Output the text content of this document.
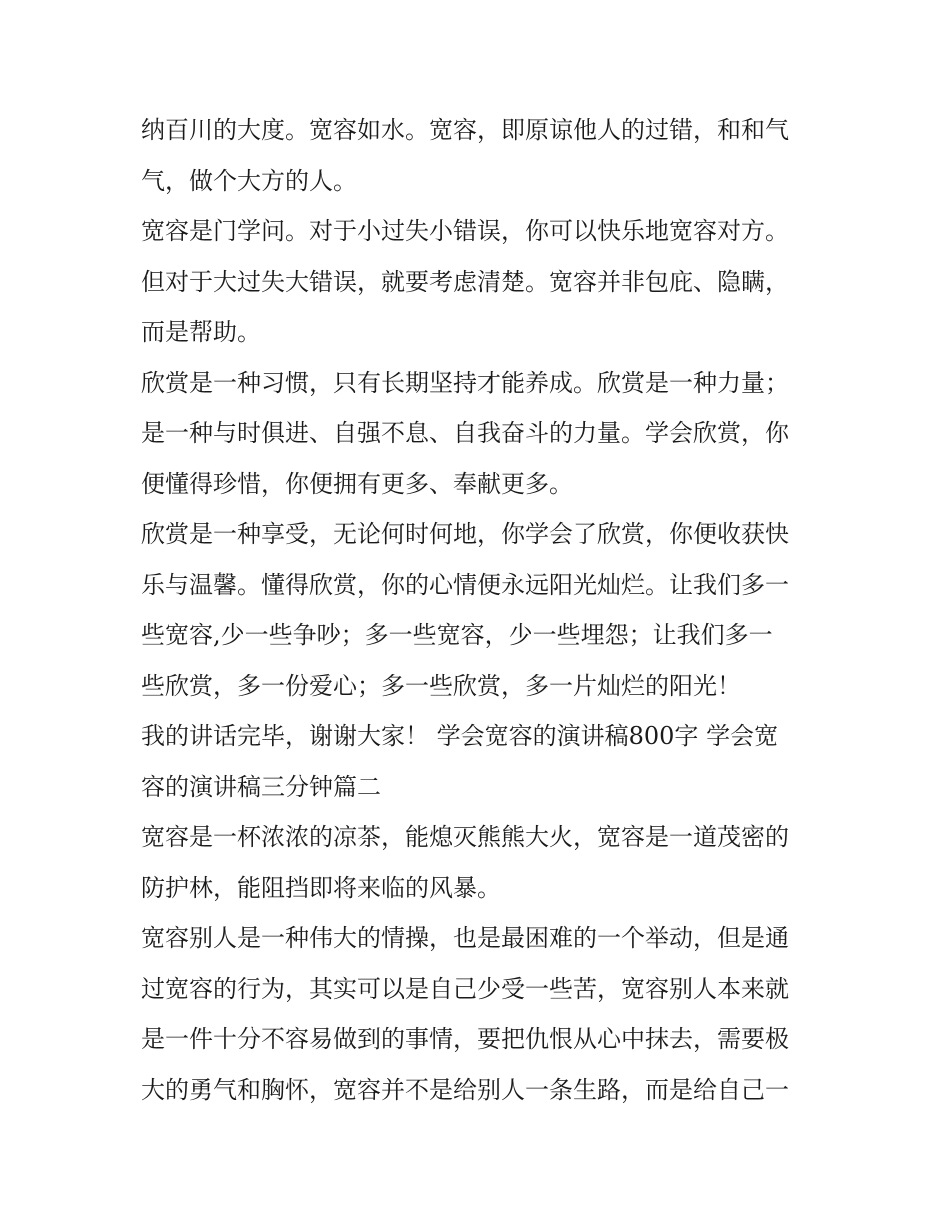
纳百川的大度。宽容如水。宽容，即原谅他人的过错，和和气
气，做个大方的人。
宽容是门学问。对于小过失小错误，你可以快乐地宽容对方。
但对于大过失大错误，就要考虑清楚。宽容并非包庇、隐瞒，
而是帮助。
欣赏是一种习惯，只有长期坚持才能养成。欣赏是一种力量；
是一种与时俱进、自强不息、自我奋斗的力量。学会欣赏，你
便懂得珍惜，你便拥有更多、奉献更多。
欣赏是一种享受，无论何时何地，你学会了欣赏，你便收获快
乐与温馨。懂得欣赏，你的心情便永远阳光灿烂。让我们多一
些宽容,少一些争吵；多一些宽容，少一些埋怨；让我们多一
些欣赏，多一份爱心；多一些欣赏，多一片灿烂的阳光！
我的讲话完毕，谢谢大家！ 学会宽容的演讲稿800字 学会宽
容的演讲稿三分钟篇二
宽容是一杯浓浓的凉茶，能熄灭熊熊大火，宽容是一道茂密的
防护林，能阻挡即将来临的风暴。
宽容别人是一种伟大的情操，也是最困难的一个举动，但是通
过宽容的行为，其实可以是自己少受一些苦，宽容别人本来就
是一件十分不容易做到的事情，要把仇恨从心中抹去，需要极
大的勇气和胸怀，宽容并不是给别人一条生路，而是给自己一
